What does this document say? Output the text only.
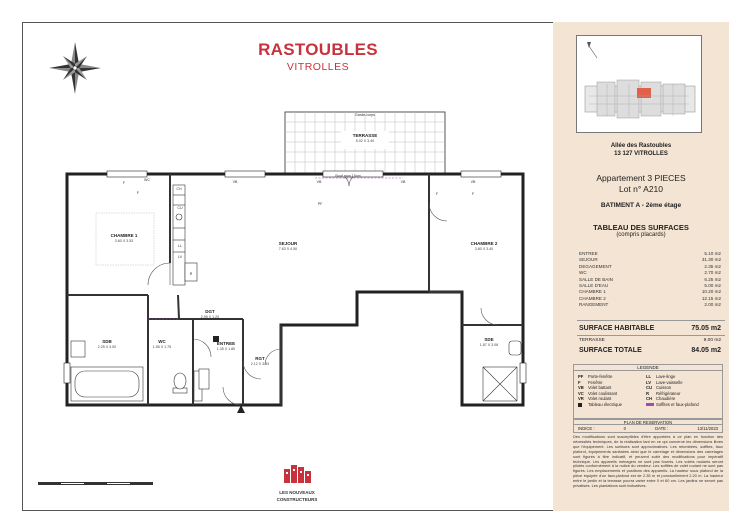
RASTOUBLES
VITROLLES
TERRASSE
5.02 X 3.40
Garde-corps
WC
F	VB	VB	VB	VB
PF
CH
CU
LL
LV
R
F	F
F
Bouf mon 15cm
CHAMBRE 1
3.60 X 3.53	SEJOUR
7.63 X 4.50
CHAMBRE 2
3.80 X 3.40
DGT
2.95 X 1.20
SDB
2.25 X 3.00
WC
1.55 X 1.75
ENTREE
1.35 X 1.80
RGT
2.12 X 3.93
SDE
1.87 X 3.08
LES NOUVEAUX
CONSTRUCTEURS
Allée des Rastoubles
13 127 VITROLLES
Appartement 3 PIECES
Lot n° A210
BATIMENT A - 2ème étage
TABLEAU DES SURFACES
(compris placards)
ENTREE	5.10 m2
SEJOUR	31.30 m2
DEGAGEMENT	2.35 m2
WC	2.70 m2
SALLE DE BAIN	6.25 m2
SALLE D'EAU	5.00 m2
CHAMBRE 1	10.20 m2
CHAMBRE 2	12.15 m2
RANGEMENT	2.00 m2
SURFACE HABITABLE	75.05 m2
TERRASSE	9.00 m2
SURFACE TOTALE	84.05 m2
LEGENDE
PF	Porte-fenêtre	LL	Lave-linge
F	Fenêtre	LV	Lave-vaisselle
VB Volet battant	CU Cuisson
VC Volet coulissant	R	Réfrigérateur
VR Volet roulant	CH Chaudière
Tableau électrique	Soffites et faux-plafond
PLAN DE RESERVATION
INDICE :	0	DATE :	13/11/2023
Des modifications sont susceptibles d'être apportées à ce plan en fonction des nécessités techniques, de la réalisation tant en ce qui concerne les dimensions libres que l'équipement. Les surfaces sont approximatives. Les retombées, soffites, faux plafond, équipements sanitaires ainsi que le carrelage et dimensions des carrelages sont figurés à titre indicatif, et peuvent subir des modifications pour impératif technique. Les appareils ménagers ne sont pas fournis. Les volets roulants seront pilotés conformément à la notice du vendeur. Les soffites de volet roulant ne sont pas figurés. Les emplacements et positions des appareils. La hauteur sous plafond de la pièce équipée d'un faux-plafond est de 2.35 m et ponctuellement 2.20 m. La hauteur entre le jardin et la terrasse pourra varier entre 0 et 60 cm. Les jardins ne seront pas privatisés. Les plantations sont indicatives.
